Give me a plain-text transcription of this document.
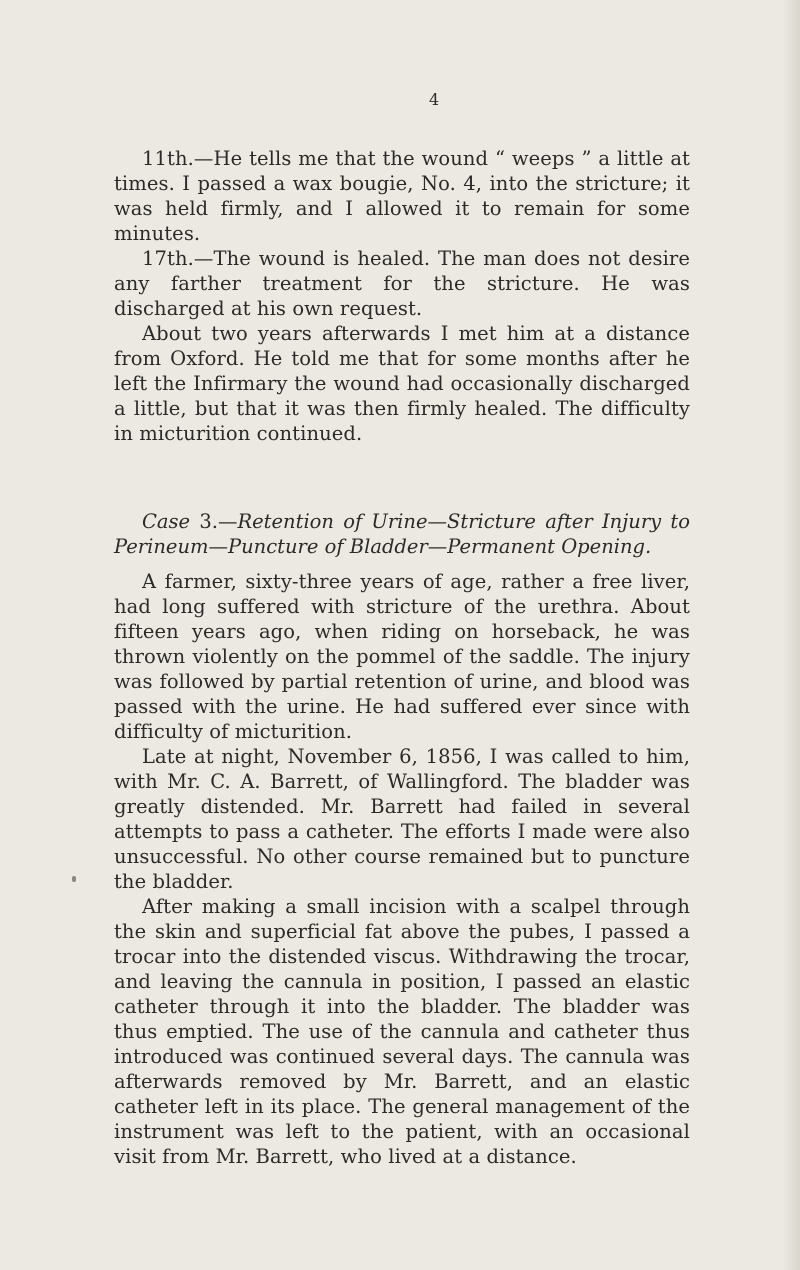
4

11th.—He tells me that the wound “ weeps ” a little at times. I passed a wax bougie, No. 4, into the stricture; it was held firmly, and I allowed it to remain for some minutes.

17th.—The wound is healed. The man does not desire any farther treatment for the stricture. He was discharged at his own request.

About two years afterwards I met him at a distance from Oxford. He told me that for some months after he left the Infirmary the wound had occasionally discharged a little, but that it was then firmly healed. The difficulty in micturition continued.

Case 3.—Retention of Urine—Stricture after Injury to Perineum—Puncture of Bladder—Permanent Opening.

A farmer, sixty-three years of age, rather a free liver, had long suffered with stricture of the urethra. About fifteen years ago, when riding on horseback, he was thrown violently on the pommel of the saddle. The injury was followed by partial retention of urine, and blood was passed with the urine. He had suffered ever since with difficulty of micturition.

Late at night, November 6, 1856, I was called to him, with Mr. C. A. Barrett, of Wallingford. The bladder was greatly distended. Mr. Barrett had failed in several attempts to pass a catheter. The efforts I made were also unsuccessful. No other course remained but to puncture the bladder.

After making a small incision with a scalpel through the skin and superficial fat above the pubes, I passed a trocar into the distended viscus. Withdrawing the trocar, and leaving the cannula in position, I passed an elastic catheter through it into the bladder. The bladder was thus emptied. The use of the cannula and catheter thus introduced was continued several days. The cannula was afterwards removed by Mr. Barrett, and an elastic catheter left in its place. The general management of the instrument was left to the patient, with an occasional visit from Mr. Barrett, who lived at a distance.
